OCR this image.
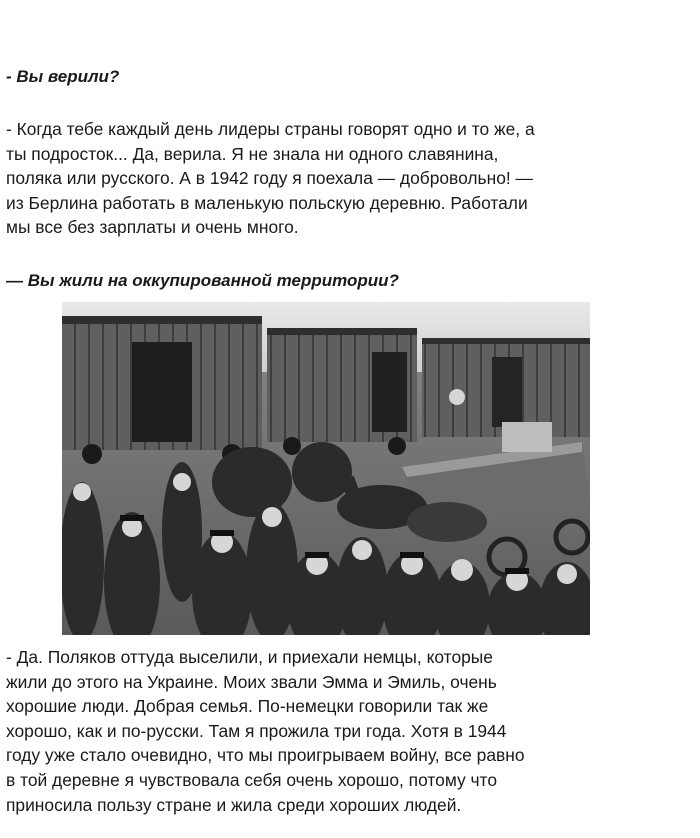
- Вы верили?
- Когда тебе каждый день лидеры страны говорят одно и то же, а
ты подросток... Да, верила. Я не знала ни одного славянина,
поляка или русского. А в 1942 году я поехала — добровольно! —
из Берлина работать в маленькую польскую деревню. Работали
мы все без зарплаты и очень много.
— Вы жили на оккупированной территории?
- Да. Поляков оттуда выселили, и приехали немцы, которые
жили до этого на Украине. Моих звали Эмма и Эмиль, очень
хорошие люди. Добрая семья. По-немецки говорили так же
хорошо, как и по-русски. Там я прожила три года. Хотя в 1944
году уже стало очевидно, что мы проигрываем войну, все равно
в той деревне я чувствовала себя очень хорошо, потому что
приносила пользу стране и жила среди хороших людей.
